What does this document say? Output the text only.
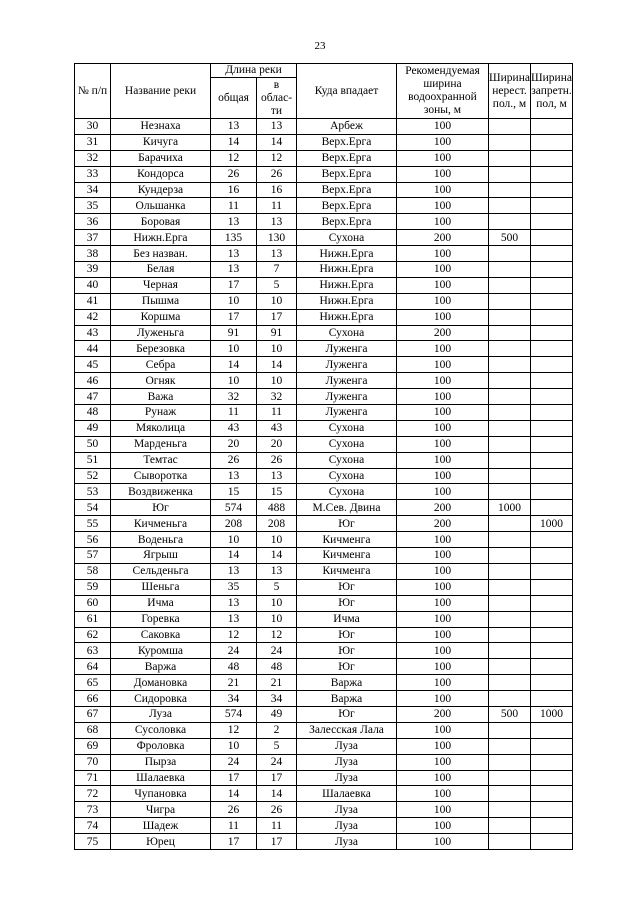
23
№ п/п	Название реки	Длина реки		Куда впадает	Рекомендуемая ширина водоохранной зоны, м	Ширина нерест. пол., м	Ширина запретн. пол, м
		общая	в облас-ти				
30	Незнаха	13	13	Арбеж	100		
31	Кичуга	14	14	Верх.Ерга	100		
32	Барачиха	12	12	Верх.Ерга	100		
33	Кондорса	26	26	Верх.Ерга	100		
34	Кундерза	16	16	Верх.Ерга	100		
35	Ольшанка	11	11	Верх.Ерга	100		
36	Боровая	13	13	Верх.Ерга	100		
37	Нижн.Ерга	135	130	Сухона	200	500	
38	Без назван.	13	13	Нижн.Ерга	100		
39	Белая	13	7	Нижн.Ерга	100		
40	Черная	17	5	Нижн.Ерга	100		
41	Пышма	10	10	Нижн.Ерга	100		
42	Коршма	17	17	Нижн.Ерга	100		
43	Луженьга	91	91	Сухона	200		
44	Березовка	10	10	Луженга	100		
45	Себра	14	14	Луженга	100		
46	Огняк	10	10	Луженга	100		
47	Важа	32	32	Луженга	100		
48	Рунаж	11	11	Луженга	100		
49	Мяколица	43	43	Сухона	100		
50	Марденьга	20	20	Сухона	100		
51	Темтас	26	26	Сухона	100		
52	Сыворотка	13	13	Сухона	100		
53	Воздвиженка	15	15	Сухона	100		
54	Юг	574	488	М.Сев. Двина	200	1000	
55	Кичменьга	208	208	Юг	200		1000
56	Воденьга	10	10	Кичменга	100		
57	Ягрыш	14	14	Кичменга	100		
58	Сельденьга	13	13	Кичменга	100		
59	Шеньга	35	5	Юг	100		
60	Ичма	13	10	Юг	100		
61	Горевка	13	10	Ичма	100		
62	Саковка	12	12	Юг	100		
63	Куромша	24	24	Юг	100		
64	Варжа	48	48	Юг	100		
65	Домановка	21	21	Варжа	100		
66	Сидоровка	34	34	Варжа	100		
67	Луза	574	49	Юг	200	500	1000
68	Сусоловка	12	2	Залесская Лала	100		
69	Фроловка	10	5	Луза	100		
70	Пырза	24	24	Луза	100		
71	Шалаевка	17	17	Луза	100		
72	Чупановка	14	14	Шалаевка	100		
73	Чигра	26	26	Луза	100		
74	Шадеж	11	11	Луза	100		
75	Юрец	17	17	Луза	100		
